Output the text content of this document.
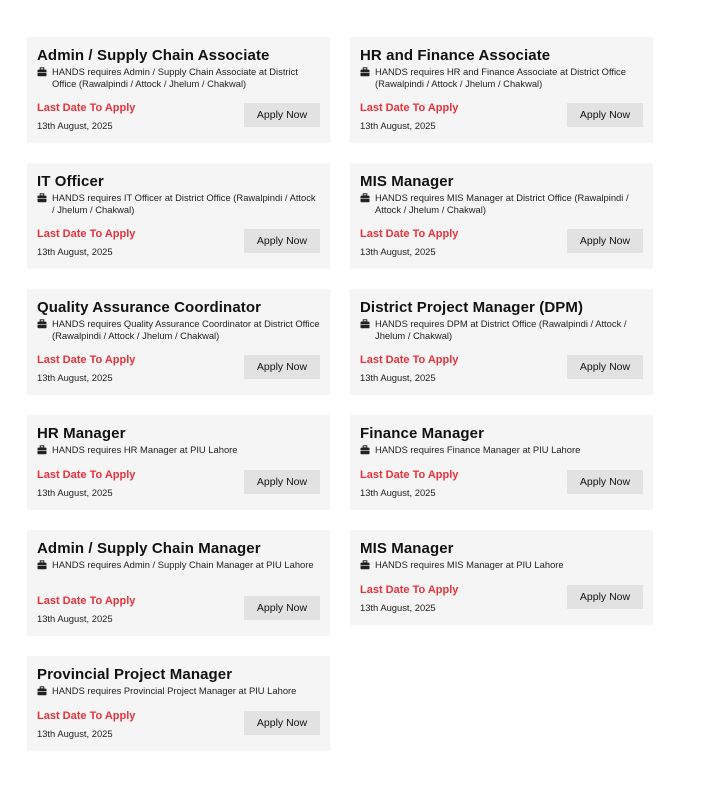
Admin / Supply Chain Associate
HANDS requires Admin / Supply Chain Associate at District Office (Rawalpindi / Attock / Jhelum / Chakwal)
Last Date To Apply
13th August, 2025
Apply Now
HR and Finance Associate
HANDS requires HR and Finance Associate at District Office (Rawalpindi / Attock / Jhelum / Chakwal)
Last Date To Apply
13th August, 2025
Apply Now
IT Officer
HANDS requires IT Officer at District Office (Rawalpindi / Attock / Jhelum / Chakwal)
Last Date To Apply
13th August, 2025
Apply Now
MIS Manager
HANDS requires MIS Manager at District Office (Rawalpindi / Attock / Jhelum / Chakwal)
Last Date To Apply
13th August, 2025
Apply Now
Quality Assurance Coordinator
HANDS requires Quality Assurance Coordinator at District Office (Rawalpindi / Attock / Jhelum / Chakwal)
Last Date To Apply
13th August, 2025
Apply Now
District Project Manager (DPM)
HANDS requires DPM at District Office (Rawalpindi / Attock / Jhelum / Chakwal)
Last Date To Apply
13th August, 2025
Apply Now
HR Manager
HANDS requires HR Manager at PIU Lahore
Last Date To Apply
13th August, 2025
Apply Now
Finance Manager
HANDS requires Finance Manager at PIU Lahore
Last Date To Apply
13th August, 2025
Apply Now
Admin / Supply Chain Manager
HANDS requires Admin / Supply Chain Manager at PIU Lahore
Last Date To Apply
13th August, 2025
Apply Now
MIS Manager
HANDS requires MIS Manager at PIU Lahore
Last Date To Apply
13th August, 2025
Apply Now
Provincial Project Manager
HANDS requires Provincial Project Manager at PIU Lahore
Last Date To Apply
13th August, 2025
Apply Now
